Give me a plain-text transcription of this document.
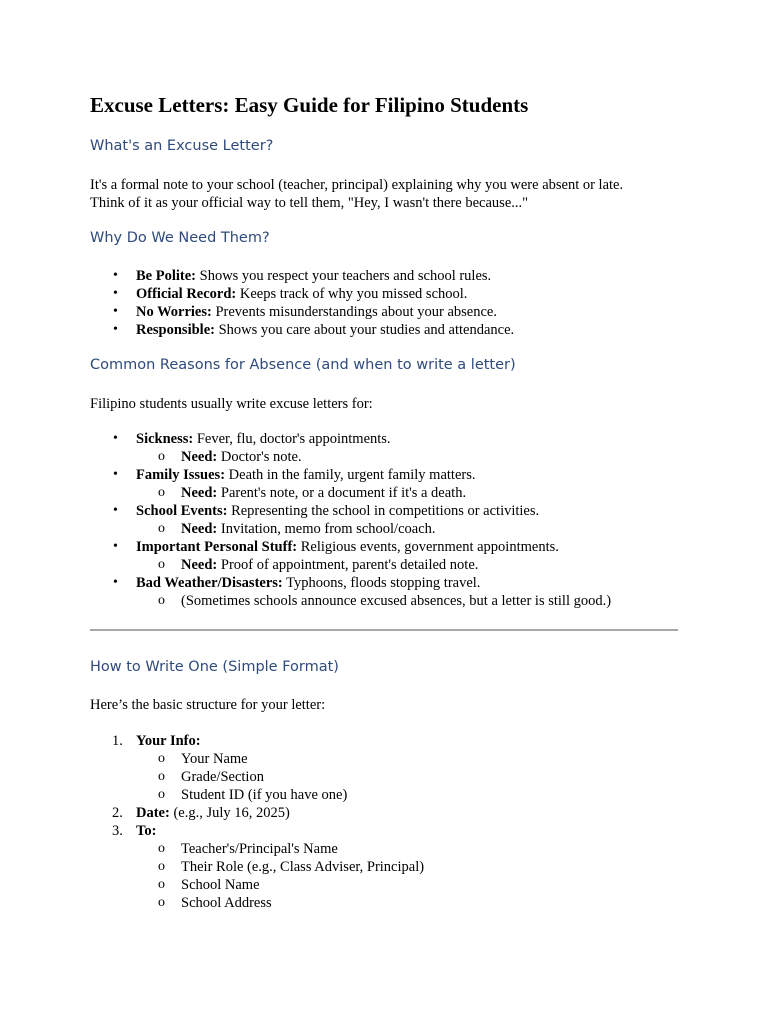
Excuse Letters: Easy Guide for Filipino Students
What's an Excuse Letter?

It's a formal note to your school (teacher, principal) explaining why you were absent or late.
Think of it as your official way to tell them, "Hey, I wasn't there because..."

Why Do We Need Them?
• Be Polite: Shows you respect your teachers and school rules.
• Official Record: Keeps track of why you missed school.
• No Worries: Prevents misunderstandings about your absence.
• Responsible: Shows you care about your studies and attendance.
Common Reasons for Absence (and when to write a letter)

Filipino students usually write excuse letters for:

• Sickness: Fever, flu, doctor's appointments.
o Need: Doctor's note.
• Family Issues: Death in the family, urgent family matters.
o Need: Parent's note, or a document if it's a death.
• School Events: Representing the school in competitions or activities.
o Need: Invitation, memo from school/coach.
• Important Personal Stuff: Religious events, government appointments.
o Need: Proof of appointment, parent's detailed note.
• Bad Weather/Disasters: Typhoons, floods stopping travel.
o (Sometimes schools announce excused absences, but a letter is still good.)
How to Write One (Simple Format)

Here’s the basic structure for your letter:

1. Your Info:
o Your Name
o Grade/Section
o Student ID (if you have one)
2. Date: (e.g., July 16, 2025)
3. To:
o Teacher's/Principal's Name
o Their Role (e.g., Class Adviser, Principal)
o School Name
o School Address
